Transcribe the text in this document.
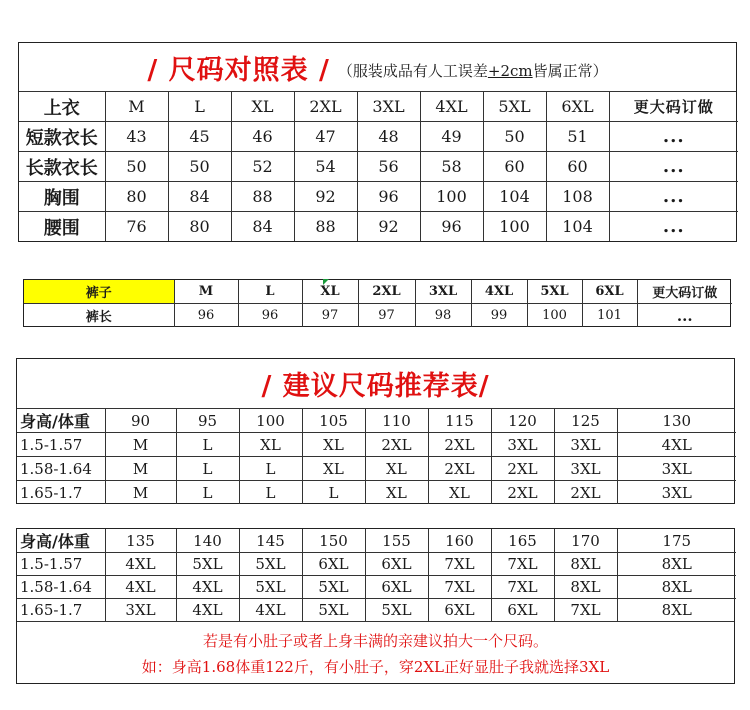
/ 尺码对照表 / （服装成品有人工误差+2cm皆属正常）
上衣	M	L	XL	2XL	3XL	4XL	5XL	6XL	更大码订做
短款衣长	43	45	46	47	48	49	50	51	...
长款衣长	50	50	52	54	56	58	60	60	...
胸围	80	84	88	92	96	100	104	108	...
腰围	76	80	84	88	92	96	100	104	...
裤子	M	L	XL	2XL	3XL	4XL	5XL	6XL	更大码订做
裤长	96	96	97	97	98	99	100	101	...
/ 建议尺码推荐表/
身高/体重	90	95	100	105	110	115	120	125	130
1.5-1.57	M	L	XL	XL	2XL	2XL	3XL	3XL	4XL
1.58-1.64	M	L	L	XL	XL	2XL	2XL	3XL	3XL
1.65-1.7	M	L	L	L	XL	XL	2XL	2XL	3XL
身高/体重	135	140	145	150	155	160	165	170	175
1.5-1.57	4XL	5XL	5XL	6XL	6XL	7XL	7XL	8XL	8XL
1.58-1.64	4XL	4XL	5XL	5XL	6XL	7XL	7XL	8XL	8XL
1.65-1.7	3XL	4XL	4XL	5XL	5XL	6XL	6XL	7XL	8XL
若是有小肚子或者上身丰满的亲建议拍大一个尺码。
如：身高1.68体重122斤，有小肚子，穿2XL正好显肚子我就选择3XL
